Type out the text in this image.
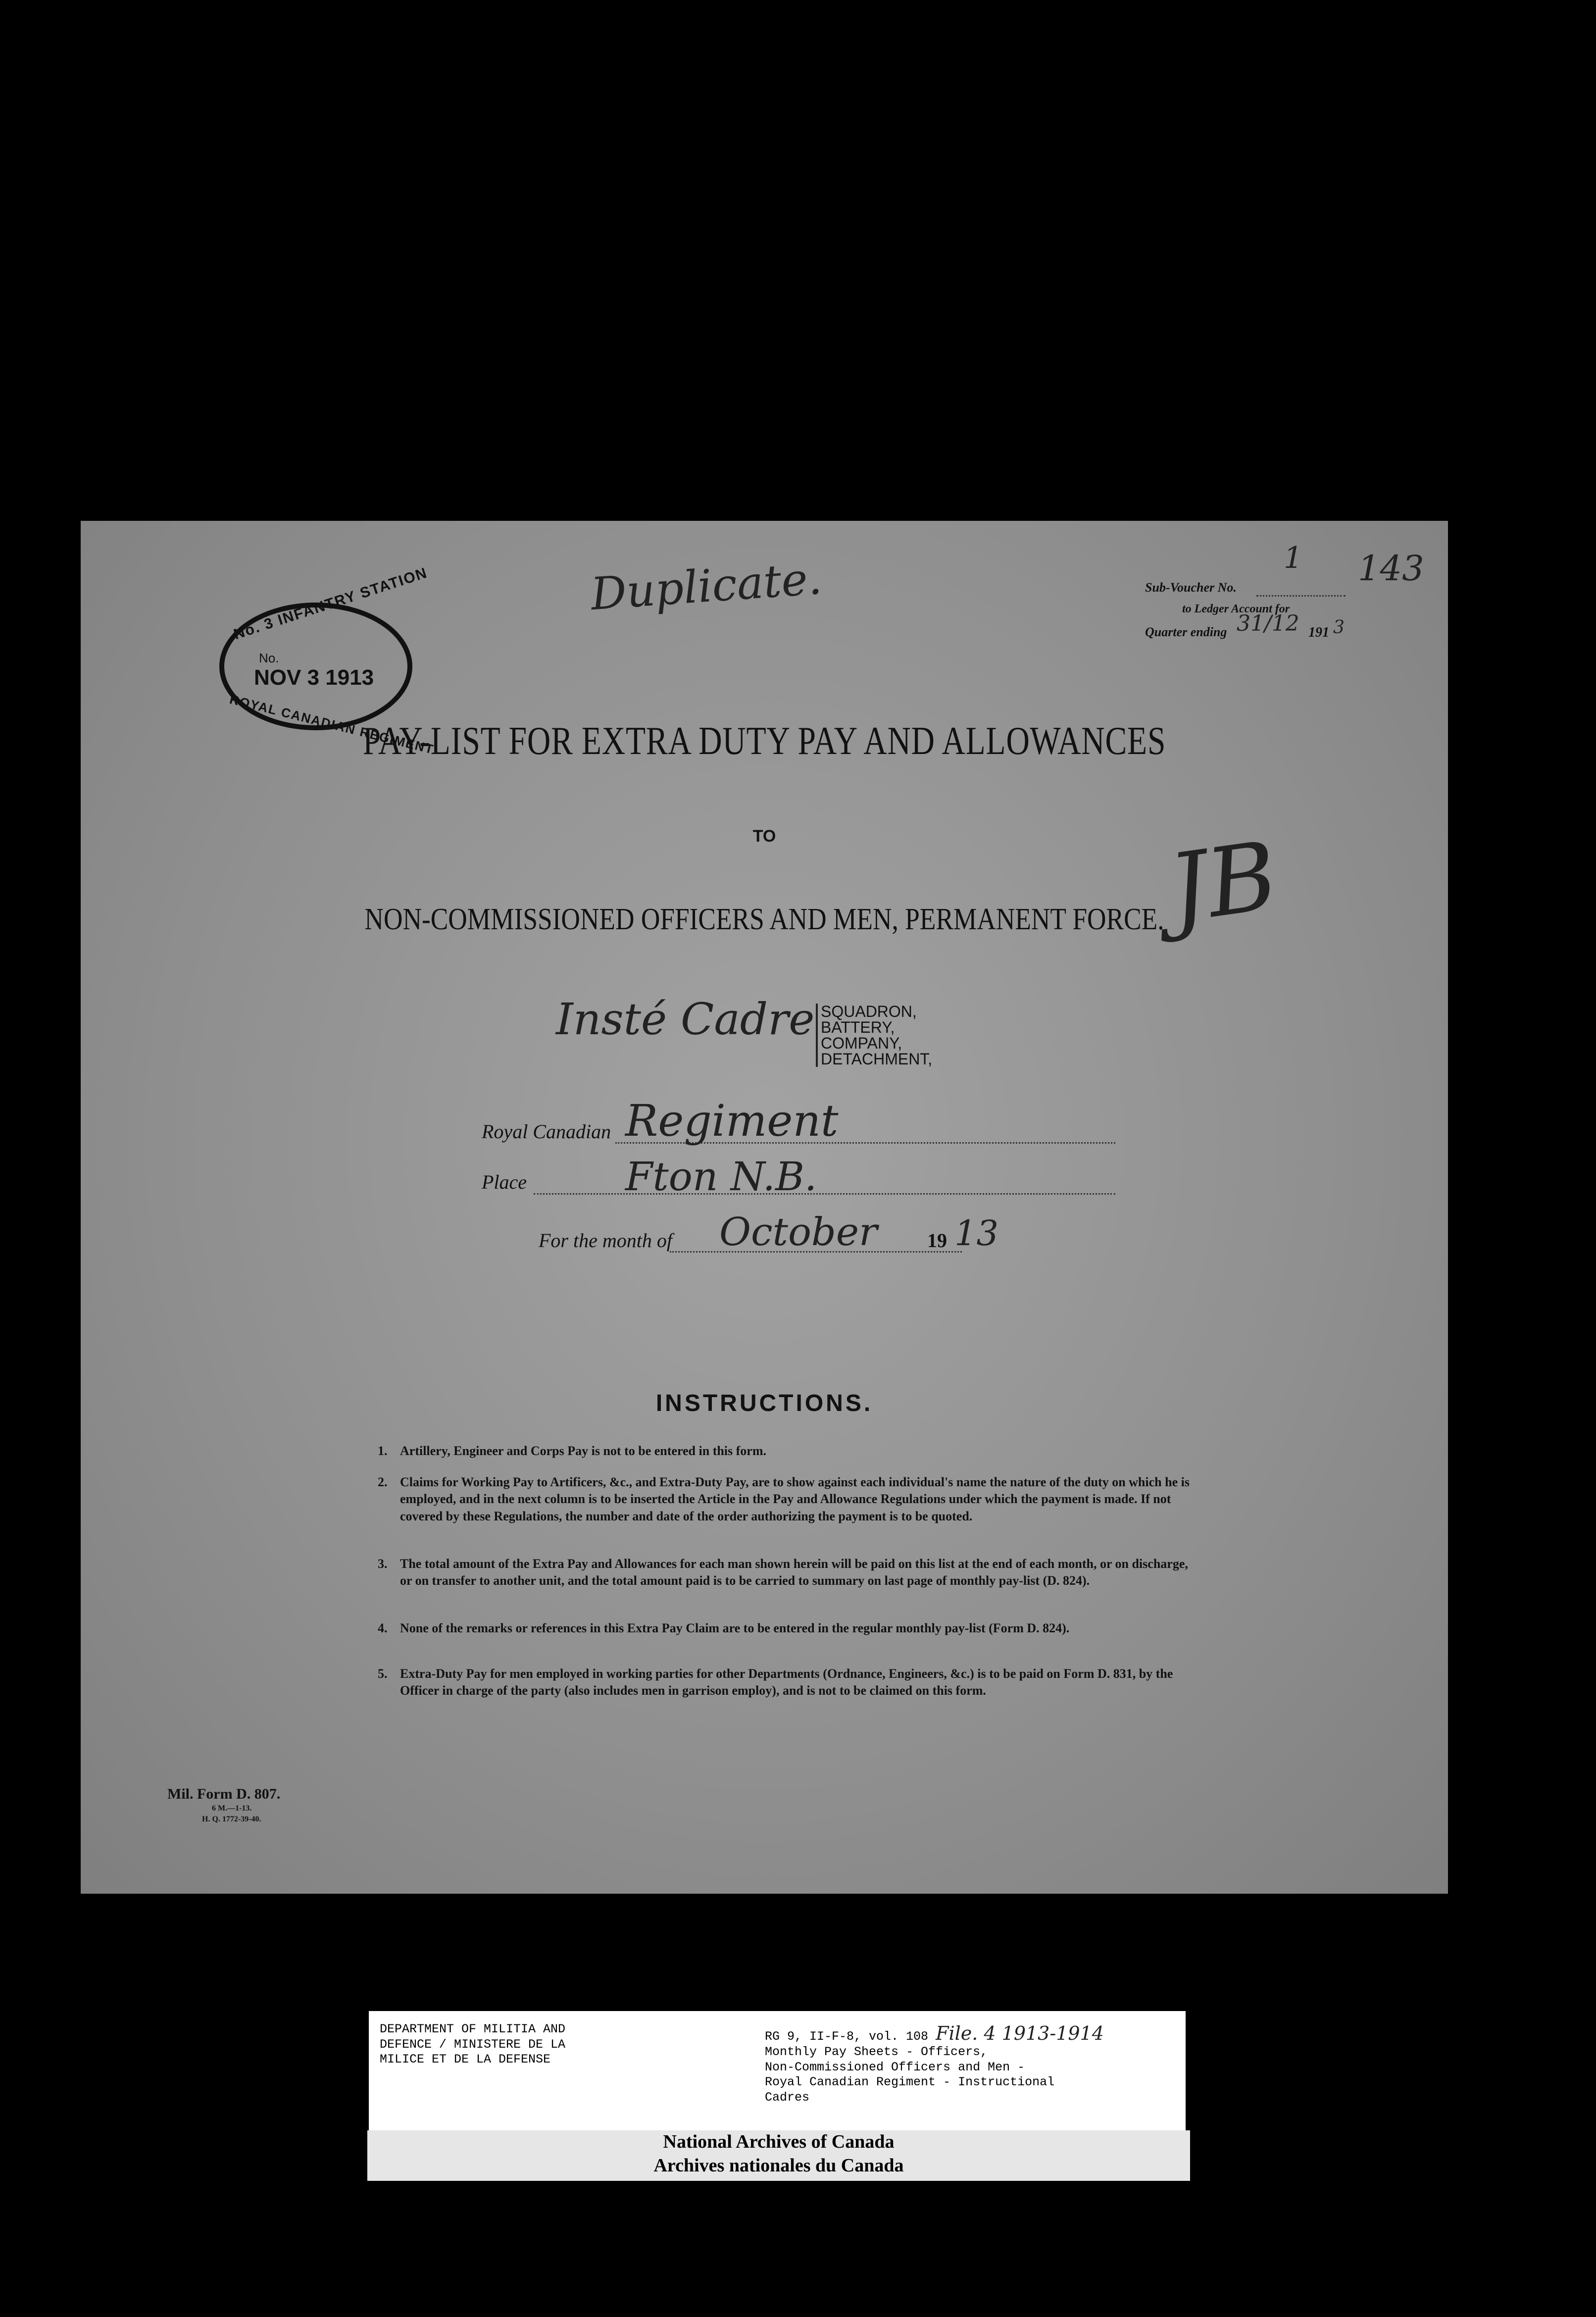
Duplicate.	1 143
Sub-Voucher No.
to Ledger Account for
Quarter ending 31/12 191 3
No. 3 INFANTRY STATION
No.
NOV 3 1913
ROYAL CANADIAN REGIMENT
PAY-LIST FOR EXTRA DUTY PAY AND ALLOWANCES
TO
NON-COMMISSIONED OFFICERS AND MEN, PERMANENT FORCE.
JB
Insté Cadre SQUADRON,
BATTERY,
COMPANY,
DETACHMENT,
Royal Canadian Regiment
Place Fton N.B.
For the month of October	19 13
INSTRUCTIONS.
1. Artillery, Engineer and Corps Pay is not to be entered in this form.
2. Claims for Working Pay to Artificers, &c., and Extra-Duty Pay, are to show against each individual's name the nature of the duty on which he is employed, and in the next column is to be inserted the Article in the Pay and Allowance Regulations under which the payment is made. If not covered by these Regulations, the number and date of the order authorizing the payment is to be quoted.
3. The total amount of the Extra Pay and Allowances for each man shown herein will be paid on this list at the end of each month, or on discharge, or on transfer to another unit, and the total amount paid is to be carried to summary on last page of monthly pay-list (D. 824).
4. None of the remarks or references in this Extra Pay Claim are to be entered in the regular monthly pay-list (Form D. 824).
5. Extra-Duty Pay for men employed in working parties for other Departments (Ordnance, Engineers, &c.) is to be paid on Form D. 831, by the Officer in charge of the party (also includes men in garrison employ), and is not to be claimed on this form.
Mil. Form D. 807.
6 M.—1-13.
H. Q. 1772-39-40.
DEPARTMENT OF MILITIA AND
DEFENCE / MINISTERE DE LA
MILICE ET DE LA DEFENSE
RG 9, II-F-8, vol. 108 File. 4 1913-1914
Monthly Pay Sheets - Officers,
Non-Commissioned Officers and Men -
Royal Canadian Regiment - Instructional
Cadres
National Archives of Canada
Archives nationales du Canada
